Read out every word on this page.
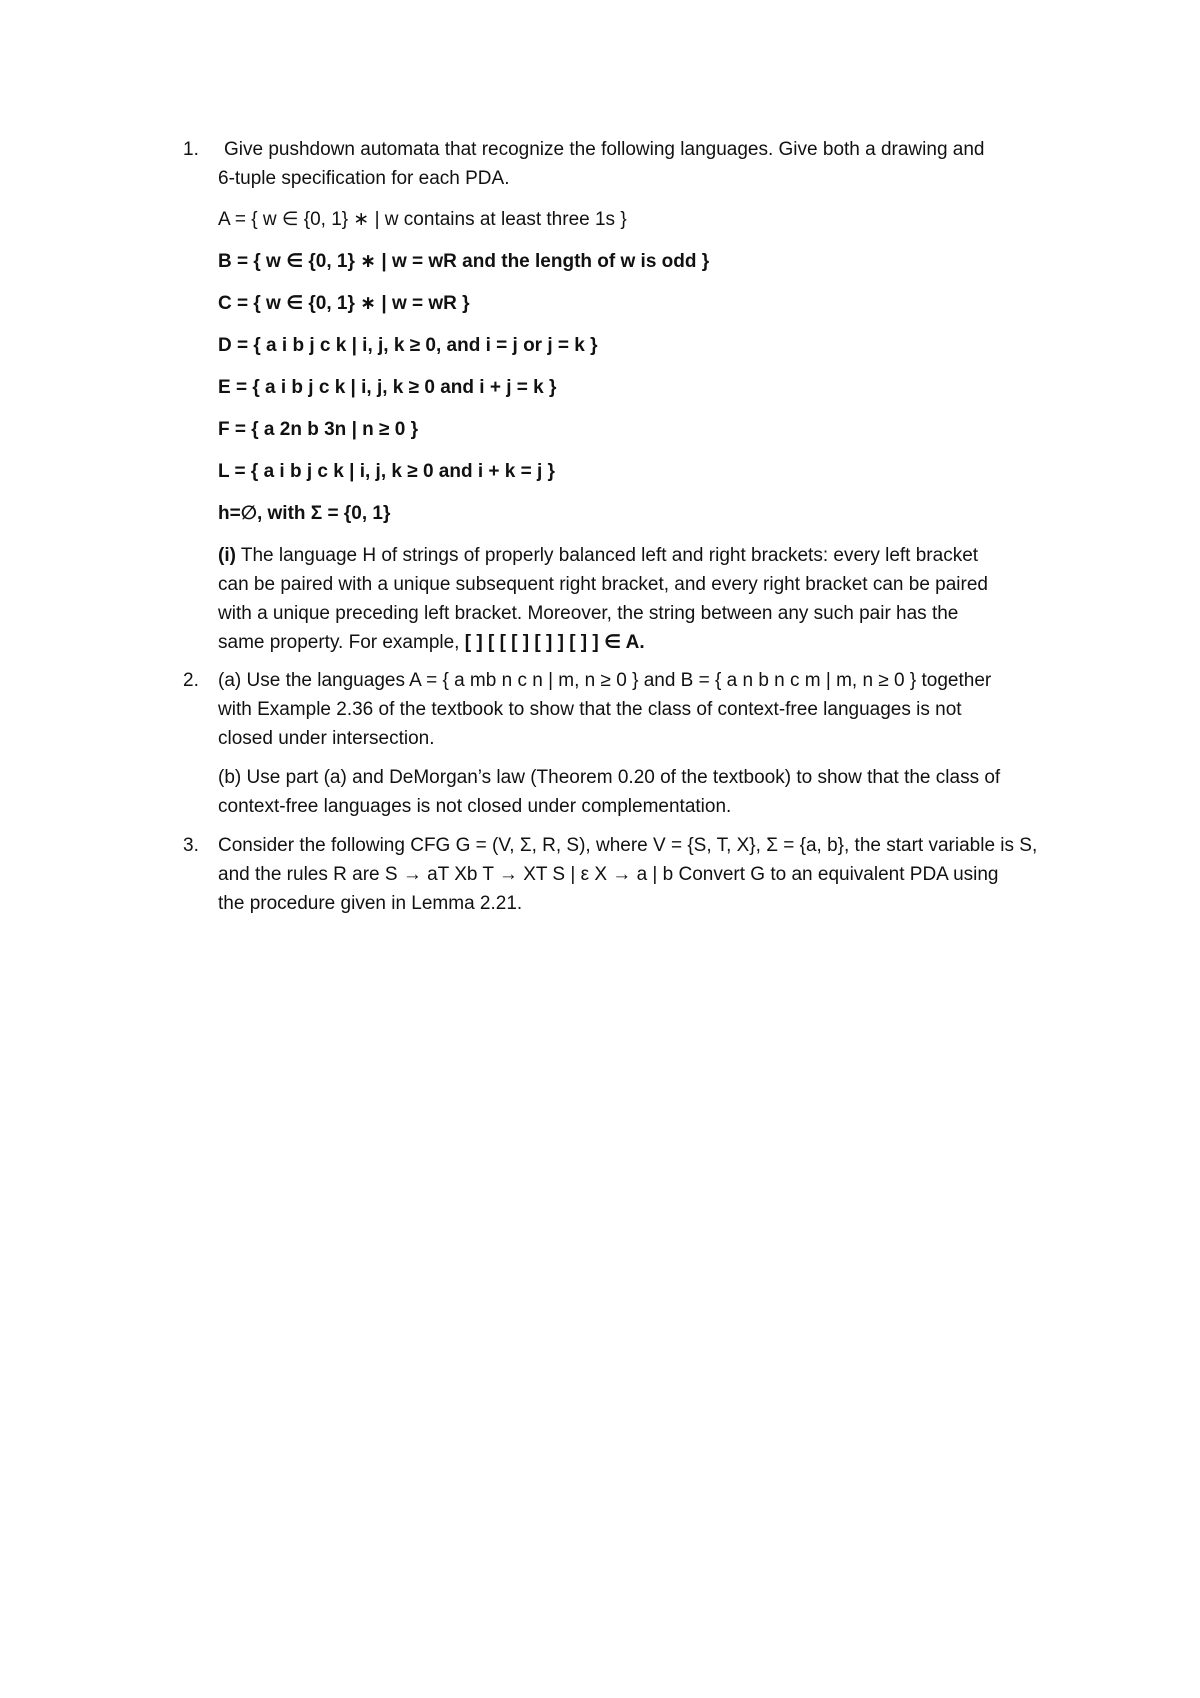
1. Give pushdown automata that recognize the following languages. Give both a drawing and
6-tuple specification for each PDA.
A = { w ∈ {0, 1} ∗ | w contains at least three 1s }
B = { w ∈ {0, 1} ∗ | w = wR and the length of w is odd }
C = { w ∈ {0, 1} ∗ | w = wR }
D = { a i b j c k | i, j, k ≥ 0, and i = j or j = k }
E = { a i b j c k | i, j, k ≥ 0 and i + j = k }
F = { a 2n b 3n | n ≥ 0 }
L = { a i b j c k | i, j, k ≥ 0 and i + k = j }
h=∅, with Σ = {0, 1}
(i) The language H of strings of properly balanced left and right brackets: every left bracket
can be paired with a unique subsequent right bracket, and every right bracket can be paired
with a unique preceding left bracket. Moreover, the string between any such pair has the
same property. For example, [ ] [ [ [ ] [ ] ] [ ] ] ∈ A.
2. (a) Use the languages A = { a mb n c n | m, n ≥ 0 } and B = { a n b n c m | m, n ≥ 0 } together
with Example 2.36 of the textbook to show that the class of context-free languages is not
closed under intersection.
(b) Use part (a) and DeMorgan’s law (Theorem 0.20 of the textbook) to show that the class of
context-free languages is not closed under complementation.
3. Consider the following CFG G = (V, Σ, R, S), where V = {S, T, X}, Σ = {a, b}, the start variable is S,
and the rules R are S → aT Xb T → XT S | ε X → a | b Convert G to an equivalent PDA using
the procedure given in Lemma 2.21.
